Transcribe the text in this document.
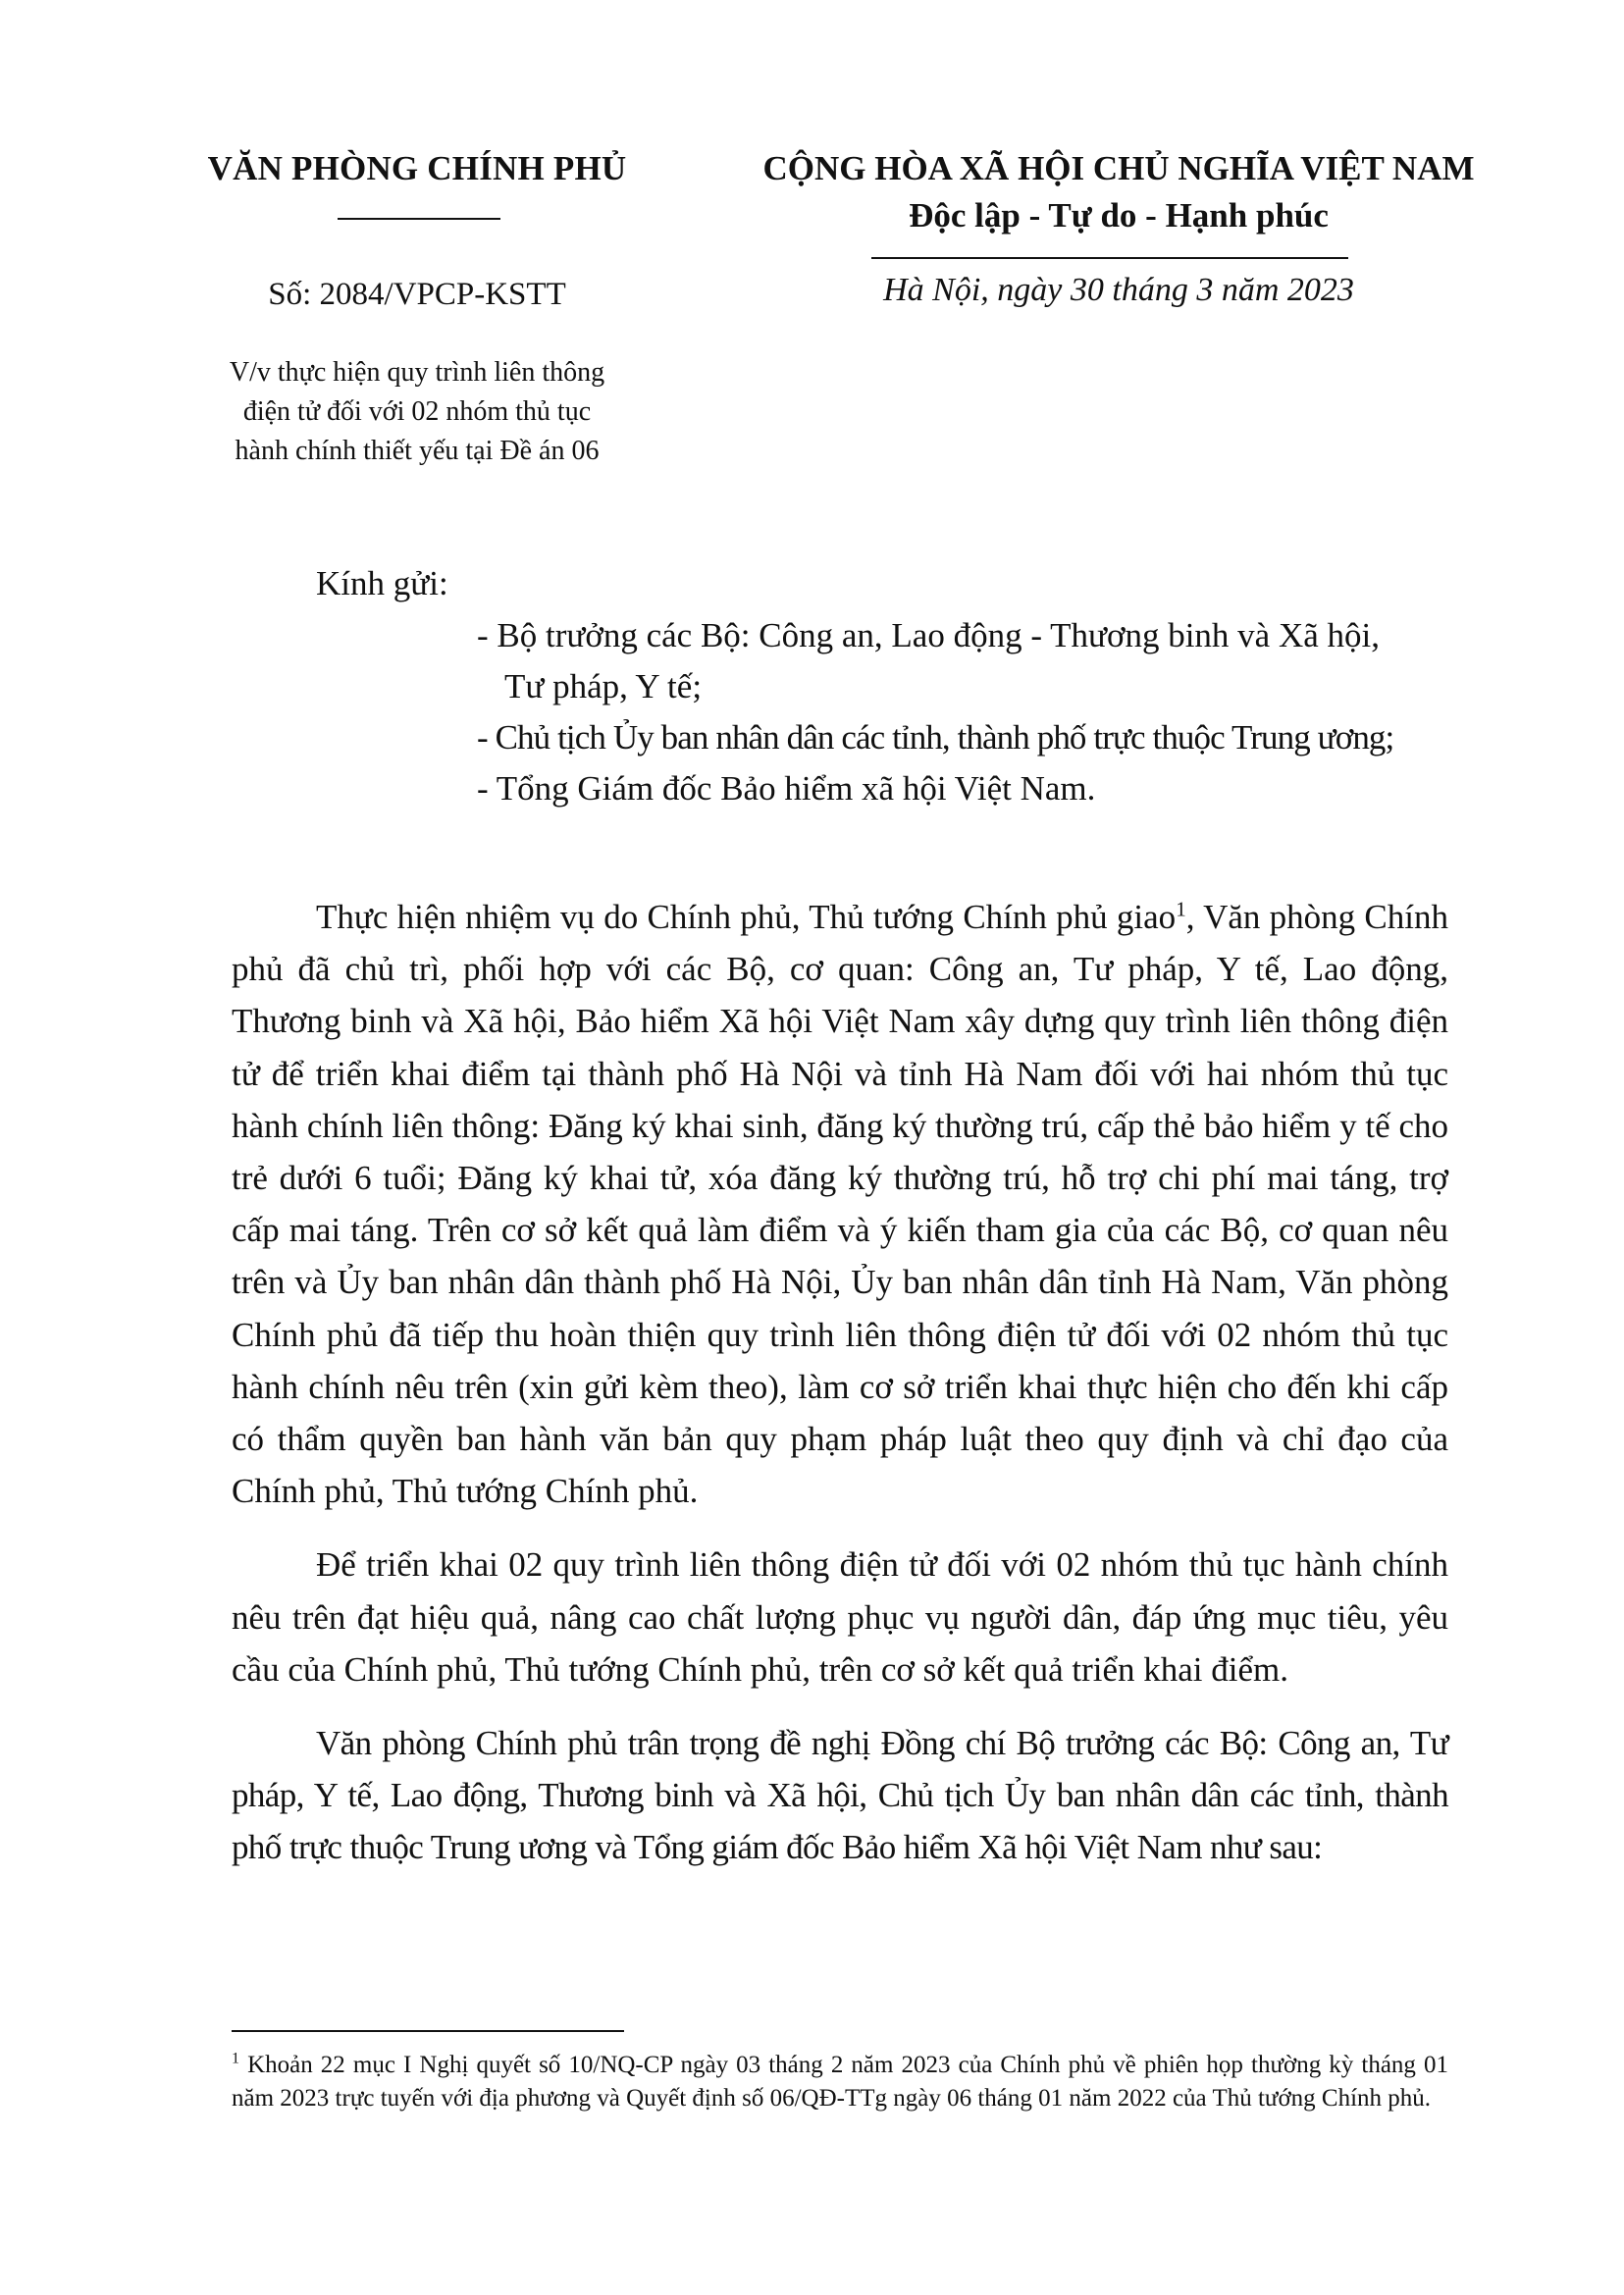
VĂN PHÒNG CHÍNH PHỦ
Số: 2084/VPCP-KSTT
V/v thực hiện quy trình liên thông
điện tử đối với 02 nhóm thủ tục
hành chính thiết yếu tại Đề án 06
CỘNG HÒA XÃ HỘI CHỦ NGHĨA VIỆT NAM
Độc lập - Tự do - Hạnh phúc
Hà Nội, ngày 30 tháng 3 năm 2023
Kính gửi:
- Bộ trưởng các Bộ: Công an, Lao động - Thương binh và Xã hội,
Tư pháp, Y tế;
- Chủ tịch Ủy ban nhân dân các tỉnh, thành phố trực thuộc Trung ương;
- Tổng Giám đốc Bảo hiểm xã hội Việt Nam.

Thực hiện nhiệm vụ do Chính phủ, Thủ tướng Chính phủ giao$^1$, Văn phòng Chính phủ đã chủ trì, phối hợp với các Bộ, cơ quan: Công an, Tư pháp, Y tế, Lao động, Thương binh và Xã hội, Bảo hiểm Xã hội Việt Nam xây dựng quy trình liên thông điện tử để triển khai điểm tại thành phố Hà Nội và tỉnh Hà Nam đối với hai nhóm thủ tục hành chính liên thông: Đăng ký khai sinh, đăng ký thường trú, cấp thẻ bảo hiểm y tế cho trẻ dưới 6 tuổi; Đăng ký khai tử, xóa đăng ký thường trú, hỗ trợ chi phí mai táng, trợ cấp mai táng. Trên cơ sở kết quả làm điểm và ý kiến tham gia của các Bộ, cơ quan nêu trên và Ủy ban nhân dân thành phố Hà Nội, Ủy ban nhân dân tỉnh Hà Nam, Văn phòng Chính phủ đã tiếp thu hoàn thiện quy trình liên thông điện tử đối với 02 nhóm thủ tục hành chính nêu trên (xin gửi kèm theo), làm cơ sở triển khai thực hiện cho đến khi cấp có thẩm quyền ban hành văn bản quy phạm pháp luật theo quy định và chỉ đạo của Chính phủ, Thủ tướng Chính phủ.

Để triển khai 02 quy trình liên thông điện tử đối với 02 nhóm thủ tục hành chính nêu trên đạt hiệu quả, nâng cao chất lượng phục vụ người dân, đáp ứng mục tiêu, yêu cầu của Chính phủ, Thủ tướng Chính phủ, trên cơ sở kết quả triển khai điểm.

Văn phòng Chính phủ trân trọng đề nghị Đồng chí Bộ trưởng các Bộ: Công an, Tư pháp, Y tế, Lao động, Thương binh và Xã hội, Chủ tịch Ủy ban nhân dân các tỉnh, thành phố trực thuộc Trung ương và Tổng giám đốc Bảo hiểm Xã hội Việt Nam như sau:

$^1$ Khoản 22 mục I Nghị quyết số 10/NQ-CP ngày 03 tháng 2 năm 2023 của Chính phủ về phiên họp thường kỳ tháng 01 năm 2023 trực tuyến với địa phương và Quyết định số 06/QĐ-TTg ngày 06 tháng 01 năm 2022 của Thủ tướng Chính phủ.
